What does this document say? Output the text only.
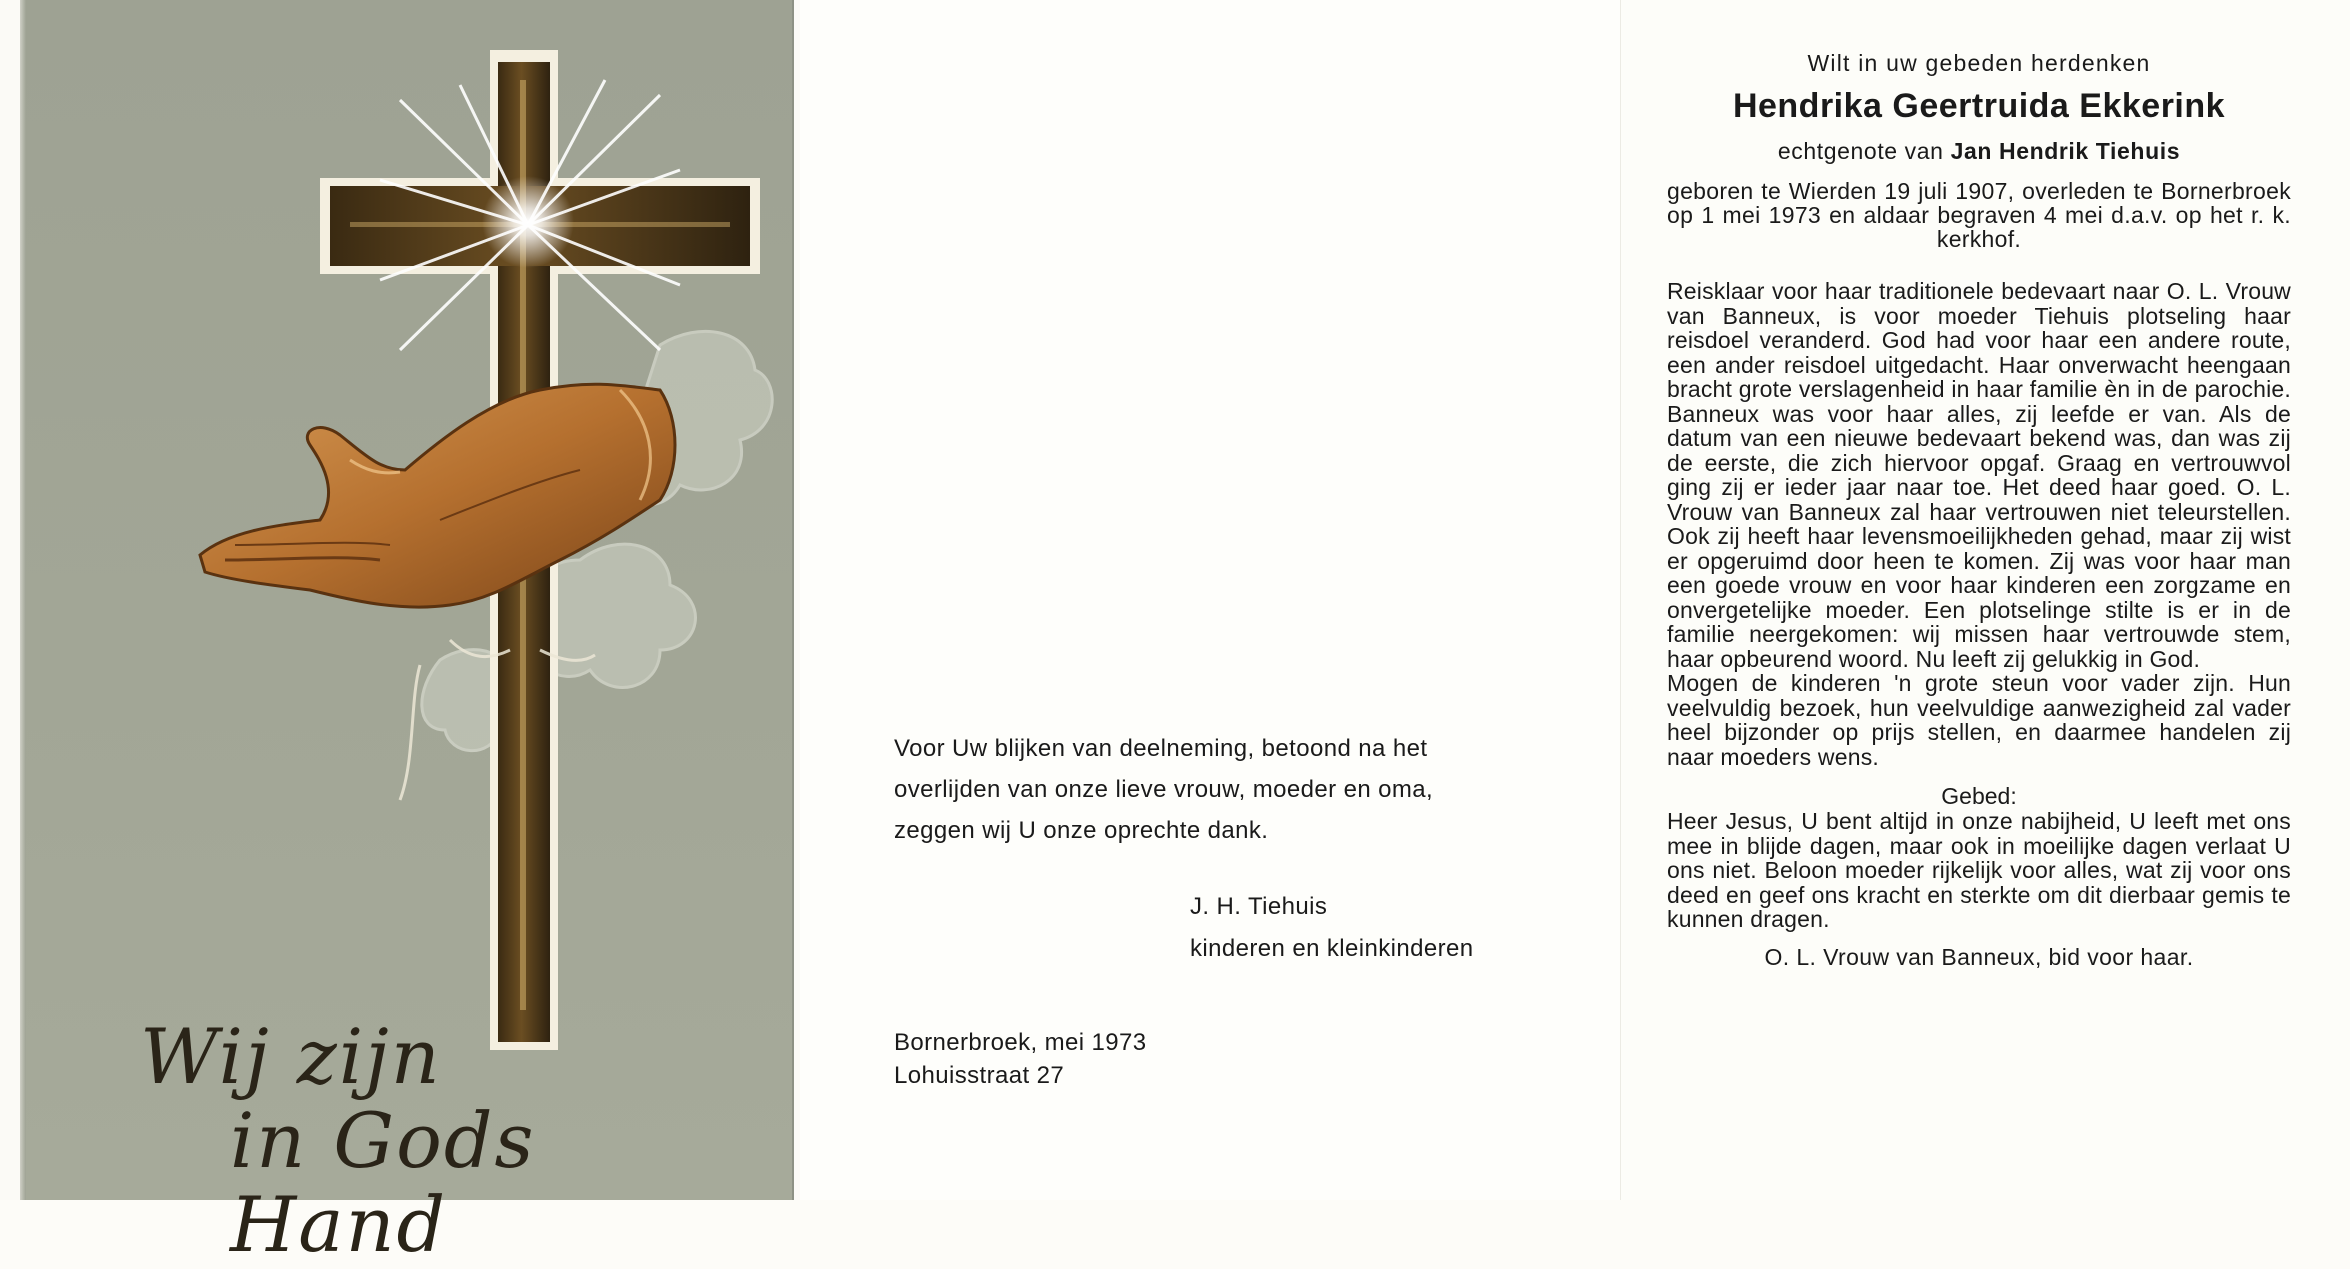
Wij zijn
in Gods Hand
Voor Uw blijken van deelneming, betoond na het
overlijden van onze lieve vrouw, moeder en oma,
zeggen wij U onze oprechte dank.
J. H. Tiehuis
kinderen en kleinkinderen
Bornerbroek, mei 1973
Lohuisstraat 27

Wilt in uw gebeden herdenken

Hendrika Geertruida Ekkerink

echtgenote van Jan Hendrik Tiehuis

geboren te Wierden 19 juli 1907, overleden te Bornerbroek op 1 mei 1973 en aldaar begraven 4 mei d.a.v. op het r. k. kerkhof.

Reisklaar voor haar traditionele bedevaart naar O. L. Vrouw van Banneux, is voor moeder Tiehuis plotseling haar reisdoel veranderd. God had voor haar een andere route, een ander reisdoel uitgedacht. Haar onverwacht heengaan bracht grote verslagenheid in haar familie èn in de parochie. Banneux was voor haar alles, zij leefde er van. Als de datum van een nieuwe bedevaart bekend was, dan was zij de eerste, die zich hiervoor opgaf. Graag en vertrouwvol ging zij er ieder jaar naar toe. Het deed haar goed. O. L. Vrouw van Banneux zal haar vertrouwen niet teleurstellen. Ook zij heeft haar levensmoeilijkheden gehad, maar zij wist er opgeruimd door heen te komen. Zij was voor haar man een goede vrouw en voor haar kinderen een zorgzame en onvergetelijke moeder. Een plotselinge stilte is er in de familie neergekomen: wij missen haar vertrouwde stem, haar opbeurend woord. Nu leeft zij gelukkig in God.

Mogen de kinderen 'n grote steun voor vader zijn. Hun veelvuldig bezoek, hun veelvuldige aanwezigheid zal vader heel bijzonder op prijs stellen, en daarmee handelen zij naar moeders wens.

Gebed:

Heer Jesus, U bent altijd in onze nabijheid, U leeft met ons mee in blijde dagen, maar ook in moeilijke dagen verlaat U ons niet. Beloon moeder rijkelijk voor alles, wat zij voor ons deed en geef ons kracht en sterkte om dit dierbaar gemis te kunnen dragen.

O. L. Vrouw van Banneux, bid voor haar.
